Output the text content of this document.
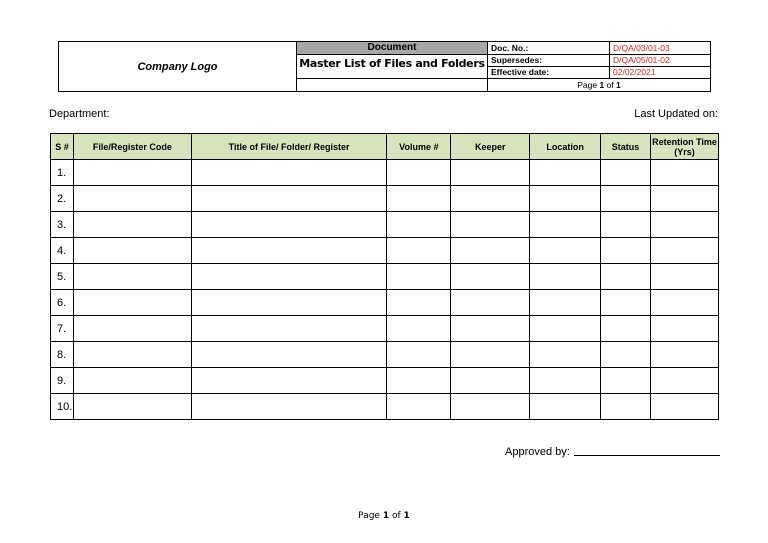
Company Logo	Document	Doc. No.:	D/QA/03/01-03
	Master List of Files and Folders	Supersedes:	D/QA/05/01-02
		Effective date:	02/02/2021
		Page 1 of 1	
Department:	Last Updated on:
S #	File/Register Code	Title of File/ Folder/ Register	Volume #	Keeper	Location	Status	Retention Time (Yrs)
1.							
2.							
3.							
4.							
5.							
6.							
7.							
8.							
9.							
10.							
Approved by:
Page 1 of 1
